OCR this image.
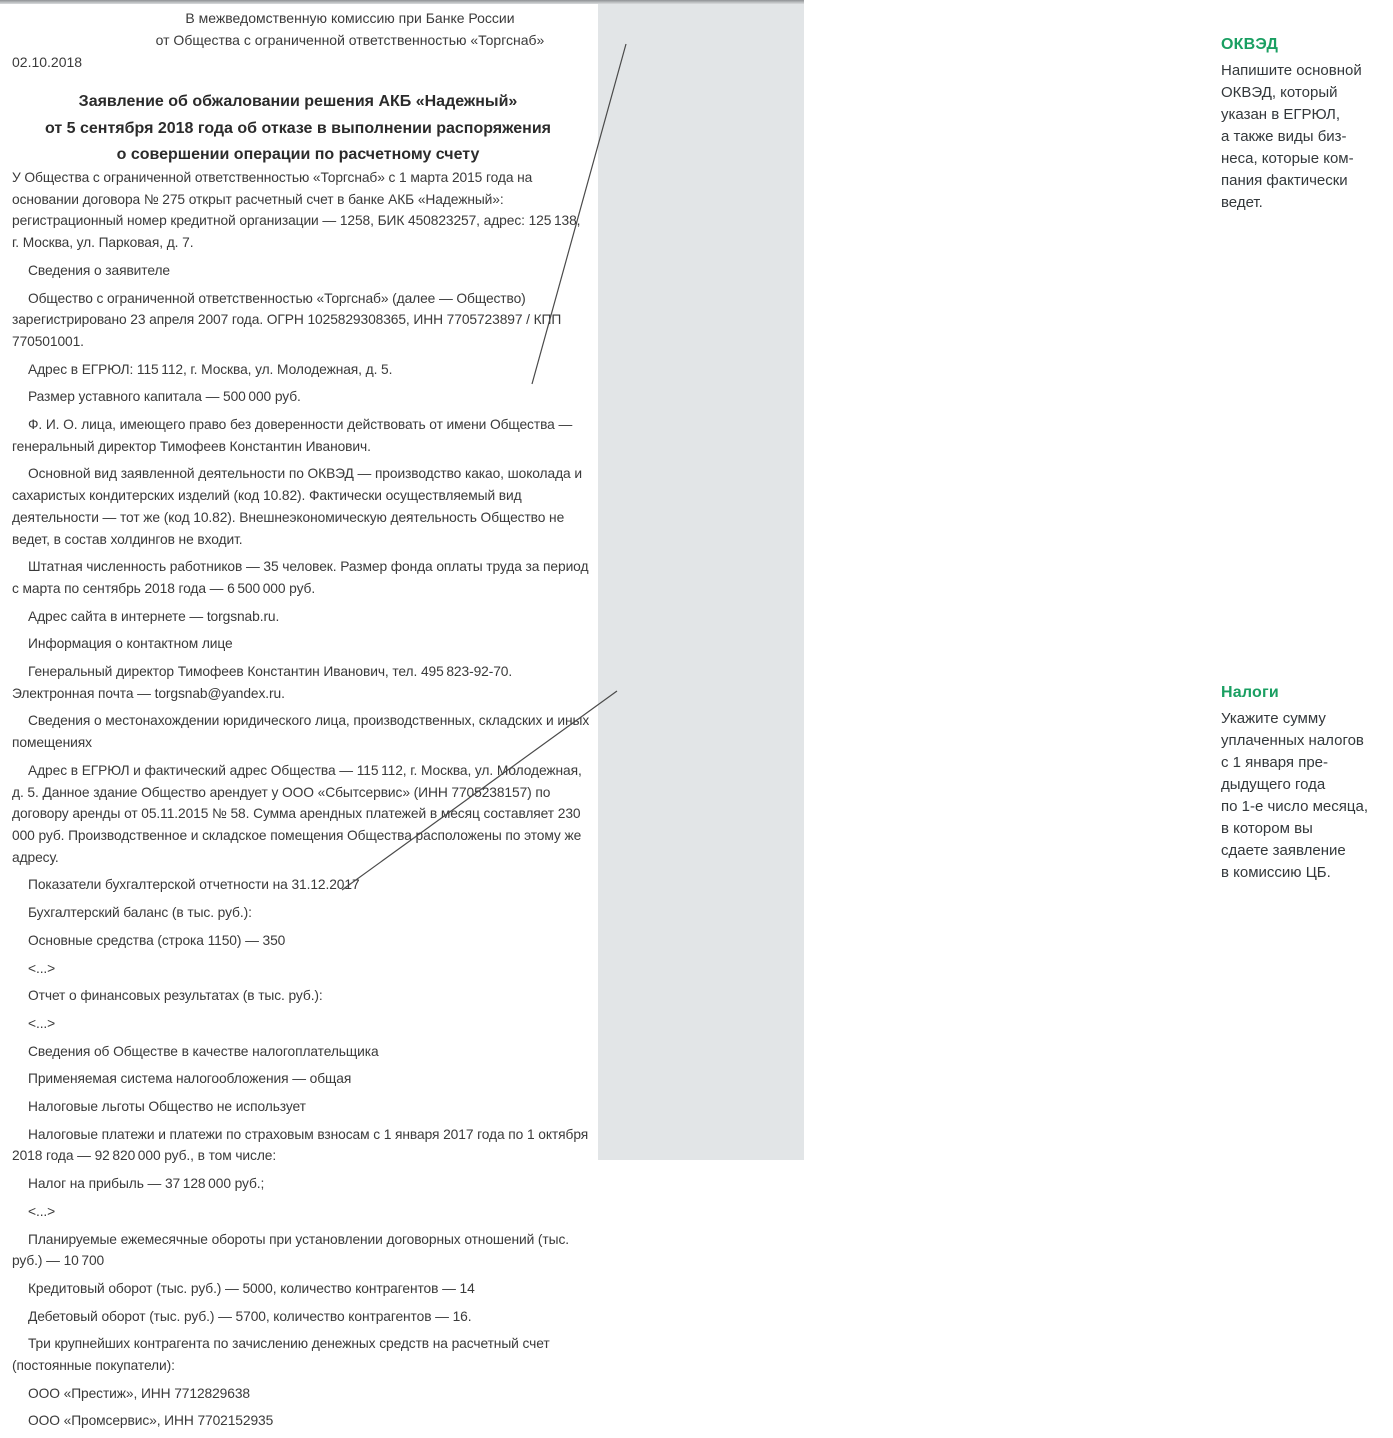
ОКВЭД
Напишите основной
ОКВЭД, который
указан в ЕГРЮЛ,
а также виды биз-
неса, которые ком-
пания фактически
ведет.
Налоги
Укажите сумму
уплаченных налогов
с 1 января пре-
дыдущего года
по 1-е число месяца,
в котором вы
сдаете заявление
в комиссию ЦБ.
В межведомственную комиссию при Банке России
от Общества с ограниченной ответственностью «Торгснаб»
02.10.2018
Заявление об обжаловании решения АКБ «Надежный»
от 5 сентября 2018 года об отказе в выполнении распоряжения
о совершении операции по расчетному счету

У Общества с ограниченной ответственностью «Торгснаб» с 1 марта 2015 года на основании договора № 275 открыт расчетный счет в банке АКБ «Надежный»: регистрационный номер кредитной организации — 1258, БИК 450823257, адрес: 125 138, г. Москва, ул. Парковая, д. 7.

Сведения о заявителе

Общество с ограниченной ответственностью «Торгснаб» (далее — Общество) зарегистрировано 23 апреля 2007 года. ОГРН 1025829308365, ИНН 7705723897 / КПП 770501001.

Адрес в ЕГРЮЛ: 115 112, г. Москва, ул. Молодежная, д. 5.

Размер уставного капитала — 500 000 руб.

Ф. И. О. лица, имеющего право без доверенности действовать от имени Общества — генеральный директор Тимофеев Константин Иванович.

Основной вид заявленной деятельности по ОКВЭД — производство какао, шоколада и сахаристых кондитерских изделий (код 10.82). Фактически осуществляемый вид деятельности — тот же (код 10.82). Внешнеэкономическую деятельность Общество не ведет, в состав холдингов не входит.

Штатная численность работников — 35 человек. Размер фонда оплаты труда за период с марта по сентябрь 2018 года — 6 500 000 руб.

Адрес сайта в интернете — torgsnab.ru.

Информация о контактном лице

Генеральный директор Тимофеев Константин Иванович, тел. 495 823-92-70. Электронная почта — torgsnab@yandex.ru.

Сведения о местонахождении юридического лица, производственных, складских и иных помещениях

Адрес в ЕГРЮЛ и фактический адрес Общества — 115 112, г. Москва, ул. Молодежная, д. 5. Данное здание Общество арендует у ООО «Сбытсервис» (ИНН 7705238157) по договору аренды от 05.11.2015 № 58. Сумма арендных платежей в месяц составляет 230 000 руб. Производственное и складское помещения Общества расположены по этому же адресу.

Показатели бухгалтерской отчетности на 31.12.2017

Бухгалтерский баланс (в тыс. руб.):

Основные средства (строка 1150) — 350

<...>

Отчет о финансовых результатах (в тыс. руб.):

<...>

Сведения об Обществе в качестве налогоплательщика

Применяемая система налогообложения — общая

Налоговые льготы Общество не использует

Налоговые платежи и платежи по страховым взносам с 1 января 2017 года по 1 октября 2018 года — 92 820 000 руб., в том числе:

Налог на прибыль — 37 128 000 руб.;

<...>

Планируемые ежемесячные обороты при установлении договорных отношений (тыс. руб.) — 10 700

Кредитовый оборот (тыс. руб.) — 5000, количество контрагентов — 14

Дебетовый оборот (тыс. руб.) — 5700, количество контрагентов — 16.

Три крупнейших контрагента по зачислению денежных средств на расчетный счет (постоянные покупатели):

ООО «Престиж», ИНН 7712829638

ООО «Промсервис», ИНН 7702152935
